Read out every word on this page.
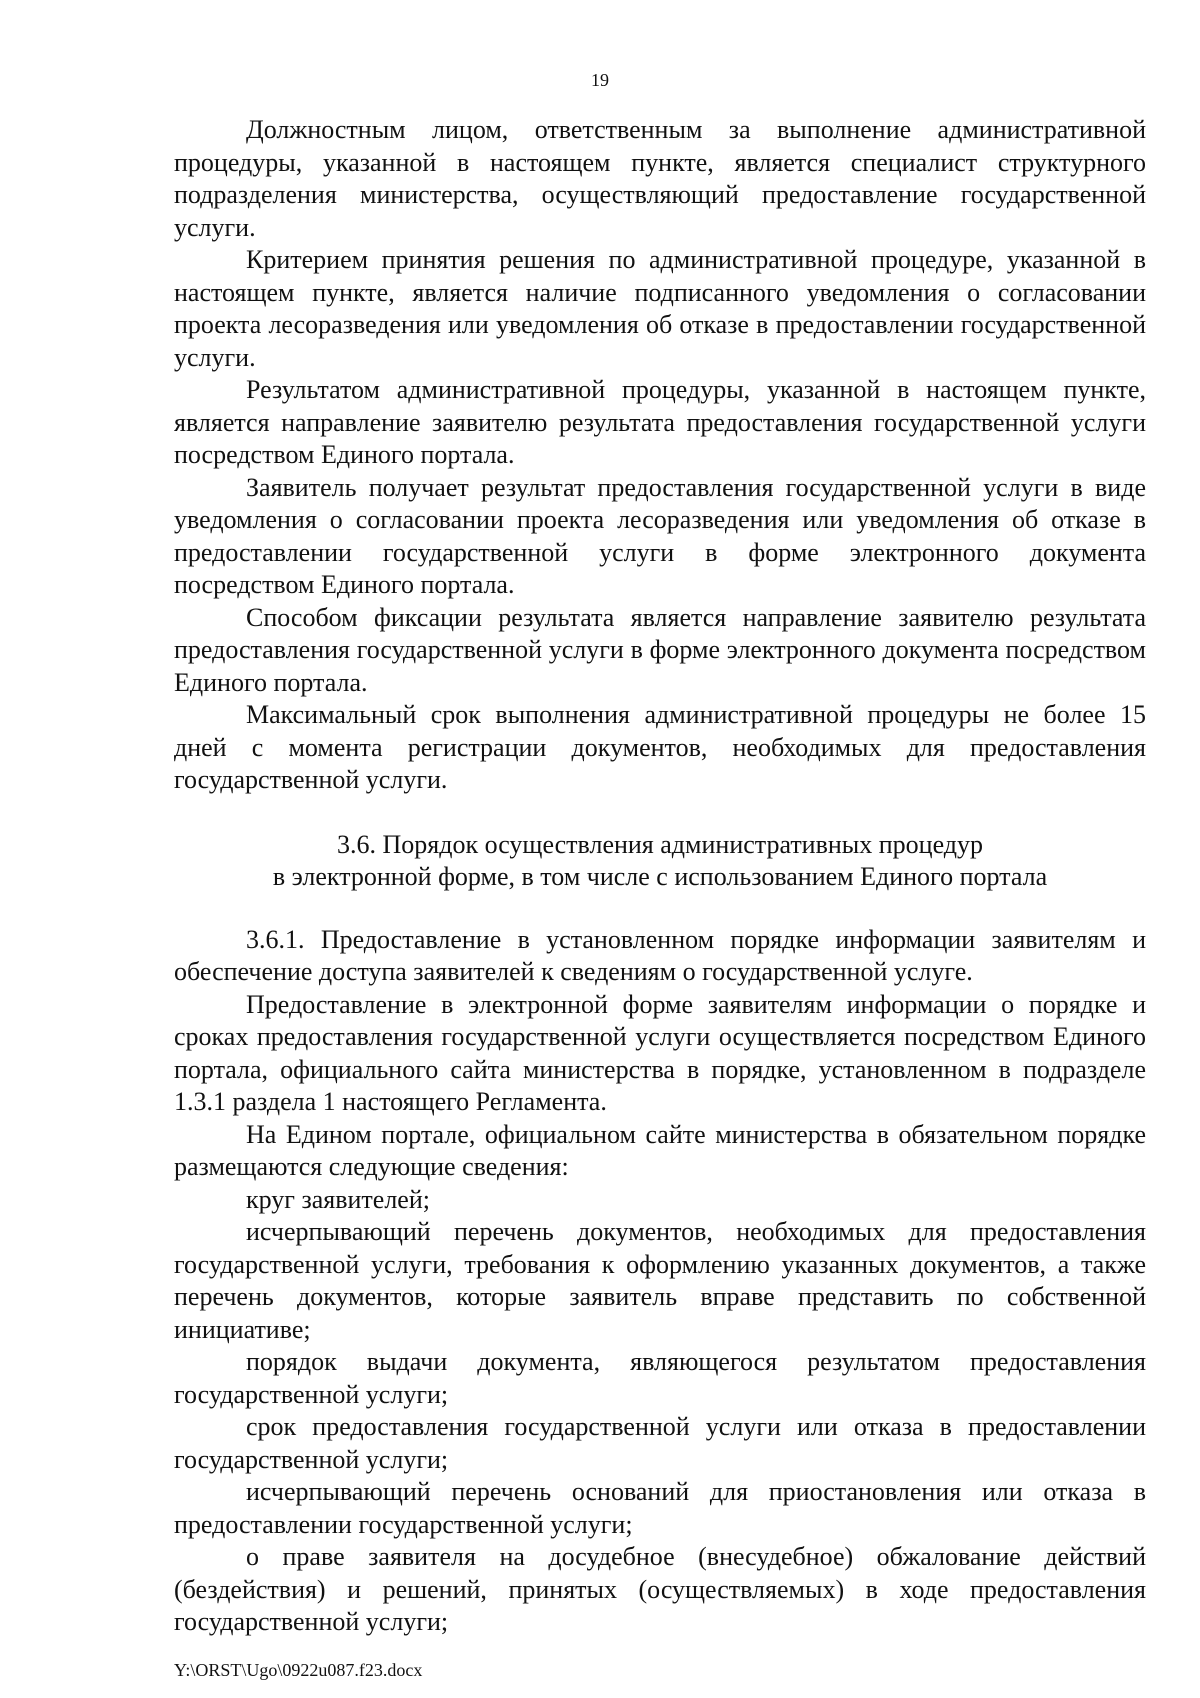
19

Должностным лицом, ответственным за выполнение административной процедуры, указанной в настоящем пункте, является специалист структурного подразделения министерства, осуществляющий предоставление государственной услуги.

Критерием принятия решения по административной процедуре, указанной в настоящем пункте, является наличие подписанного уведомления о согласовании проекта лесоразведения или уведомления об отказе в предоставлении государственной услуги.

Результатом административной процедуры, указанной в настоящем пункте, является направление заявителю результата предоставления государственной услуги посредством Единого портала.

Заявитель получает результат предоставления государственной услуги в виде уведомления о согласовании проекта лесоразведения или уведомления об отказе в предоставлении государственной услуги в форме электронного документа посредством Единого портала.

Способом фиксации результата является направление заявителю результата предоставления государственной услуги в форме электронного документа посредством Единого портала.

Максимальный срок выполнения административной процедуры не более 15 дней с момента регистрации документов, необходимых для предоставления государственной услуги.

3.6. Порядок осуществления административных процедур
в электронной форме, в том числе с использованием Единого портала

3.6.1. Предоставление в установленном порядке информации заявителям и обеспечение доступа заявителей к сведениям о государственной услуге.

Предоставление в электронной форме заявителям информации о порядке и сроках предоставления государственной услуги осуществляется посредством Единого портала, официального сайта министерства в порядке, установленном в подразделе 1.3.1 раздела 1 настоящего Регламента.

На Едином портале, официальном сайте министерства в обязательном порядке размещаются следующие сведения:

круг заявителей;

исчерпывающий перечень документов, необходимых для предоставления государственной услуги, требования к оформлению указанных документов, а также перечень документов, которые заявитель вправе представить по собственной инициативе;

порядок выдачи документа, являющегося результатом предоставления государственной услуги;

срок предоставления государственной услуги или отказа в предоставлении государственной услуги;

исчерпывающий перечень оснований для приостановления или отказа в предоставлении государственной услуги;

о праве заявителя на досудебное (внесудебное) обжалование действий (бездействия) и решений, принятых (осуществляемых) в ходе предоставления государственной услуги;

Y:\ORST\Ugo\0922u087.f23.docx
